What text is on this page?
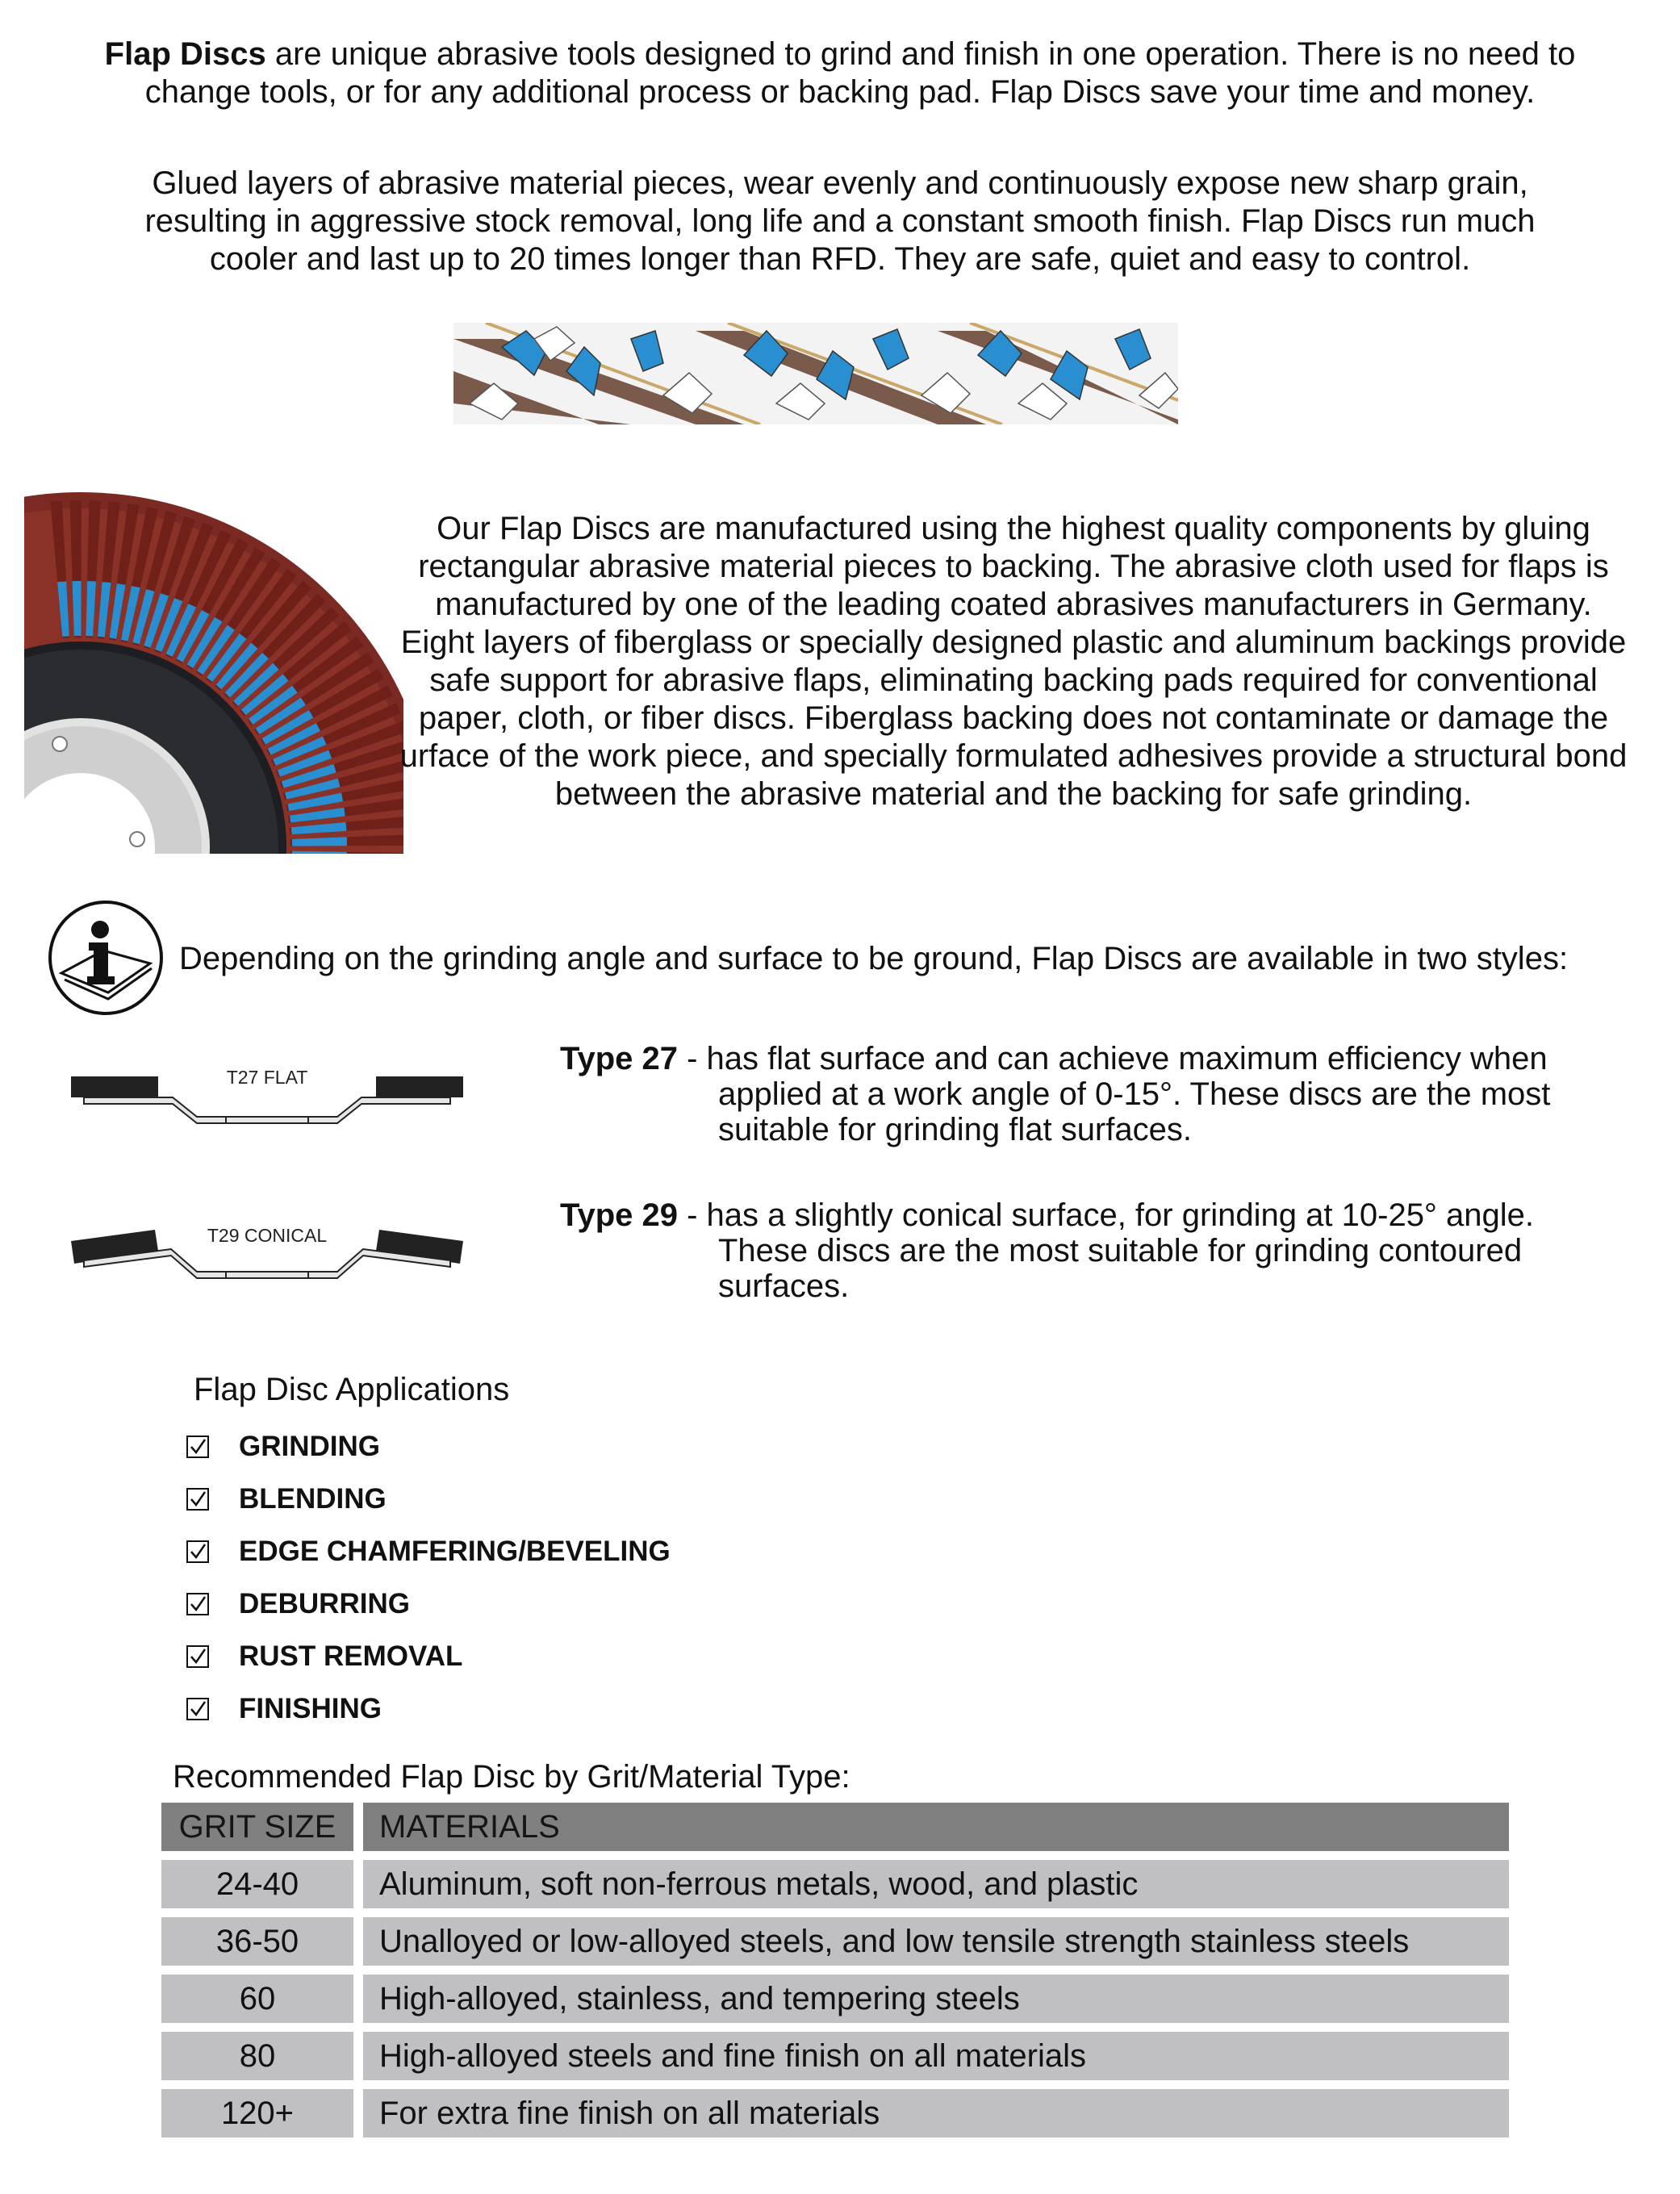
Flap Discs are unique abrasive tools designed to grind and finish in one operation. There is no need to
change tools, or for any additional process or backing pad. Flap Discs save your time and money.
Glued layers of abrasive material pieces, wear evenly and continuously expose new sharp grain,
resulting in aggressive stock removal, long life and a constant smooth finish. Flap Discs run much
cooler and last up to 20 times longer than RFD. They are safe, quiet and easy to control.
Our Flap Discs are manufactured using the highest quality components by gluing
rectangular abrasive material pieces to backing. The abrasive cloth used for flaps is
manufactured by one of the leading coated abrasives manufacturers in Germany.
Eight layers of fiberglass or specially designed plastic and aluminum backings provide
safe support for abrasive flaps, eliminating backing pads required for conventional
paper, cloth, or fiber discs. Fiberglass backing does not contaminate or damage the
urface of the work piece, and specially formulated adhesives provide a structural bond
between the abrasive material and the backing for safe grinding.
Depending on the grinding angle and surface to be ground, Flap Discs are available in two styles:
T27 FLAT
T29 CONICAL
Type 27 - has flat surface and can achieve maximum efficiency when
applied at a work angle of 0-15°. These discs are the most
suitable for grinding flat surfaces.
Type 29 - has a slightly conical surface, for grinding at 10-25° angle.
These discs are the most suitable for grinding contoured
surfaces.
Flap Disc Applications
GRINDING
BLENDING
EDGE CHAMFERING/BEVELING
DEBURRING
RUST REMOVAL
FINISHING
Recommended Flap Disc by Grit/Material Type:
GRIT SIZE	MATERIALS
24-40	Aluminum, soft non-ferrous metals, wood, and plastic
36-50	Unalloyed or low-alloyed steels, and low tensile strength stainless steels
60	High-alloyed, stainless, and tempering steels
80	High-alloyed steels and fine finish on all materials
120+	For extra fine finish on all materials
